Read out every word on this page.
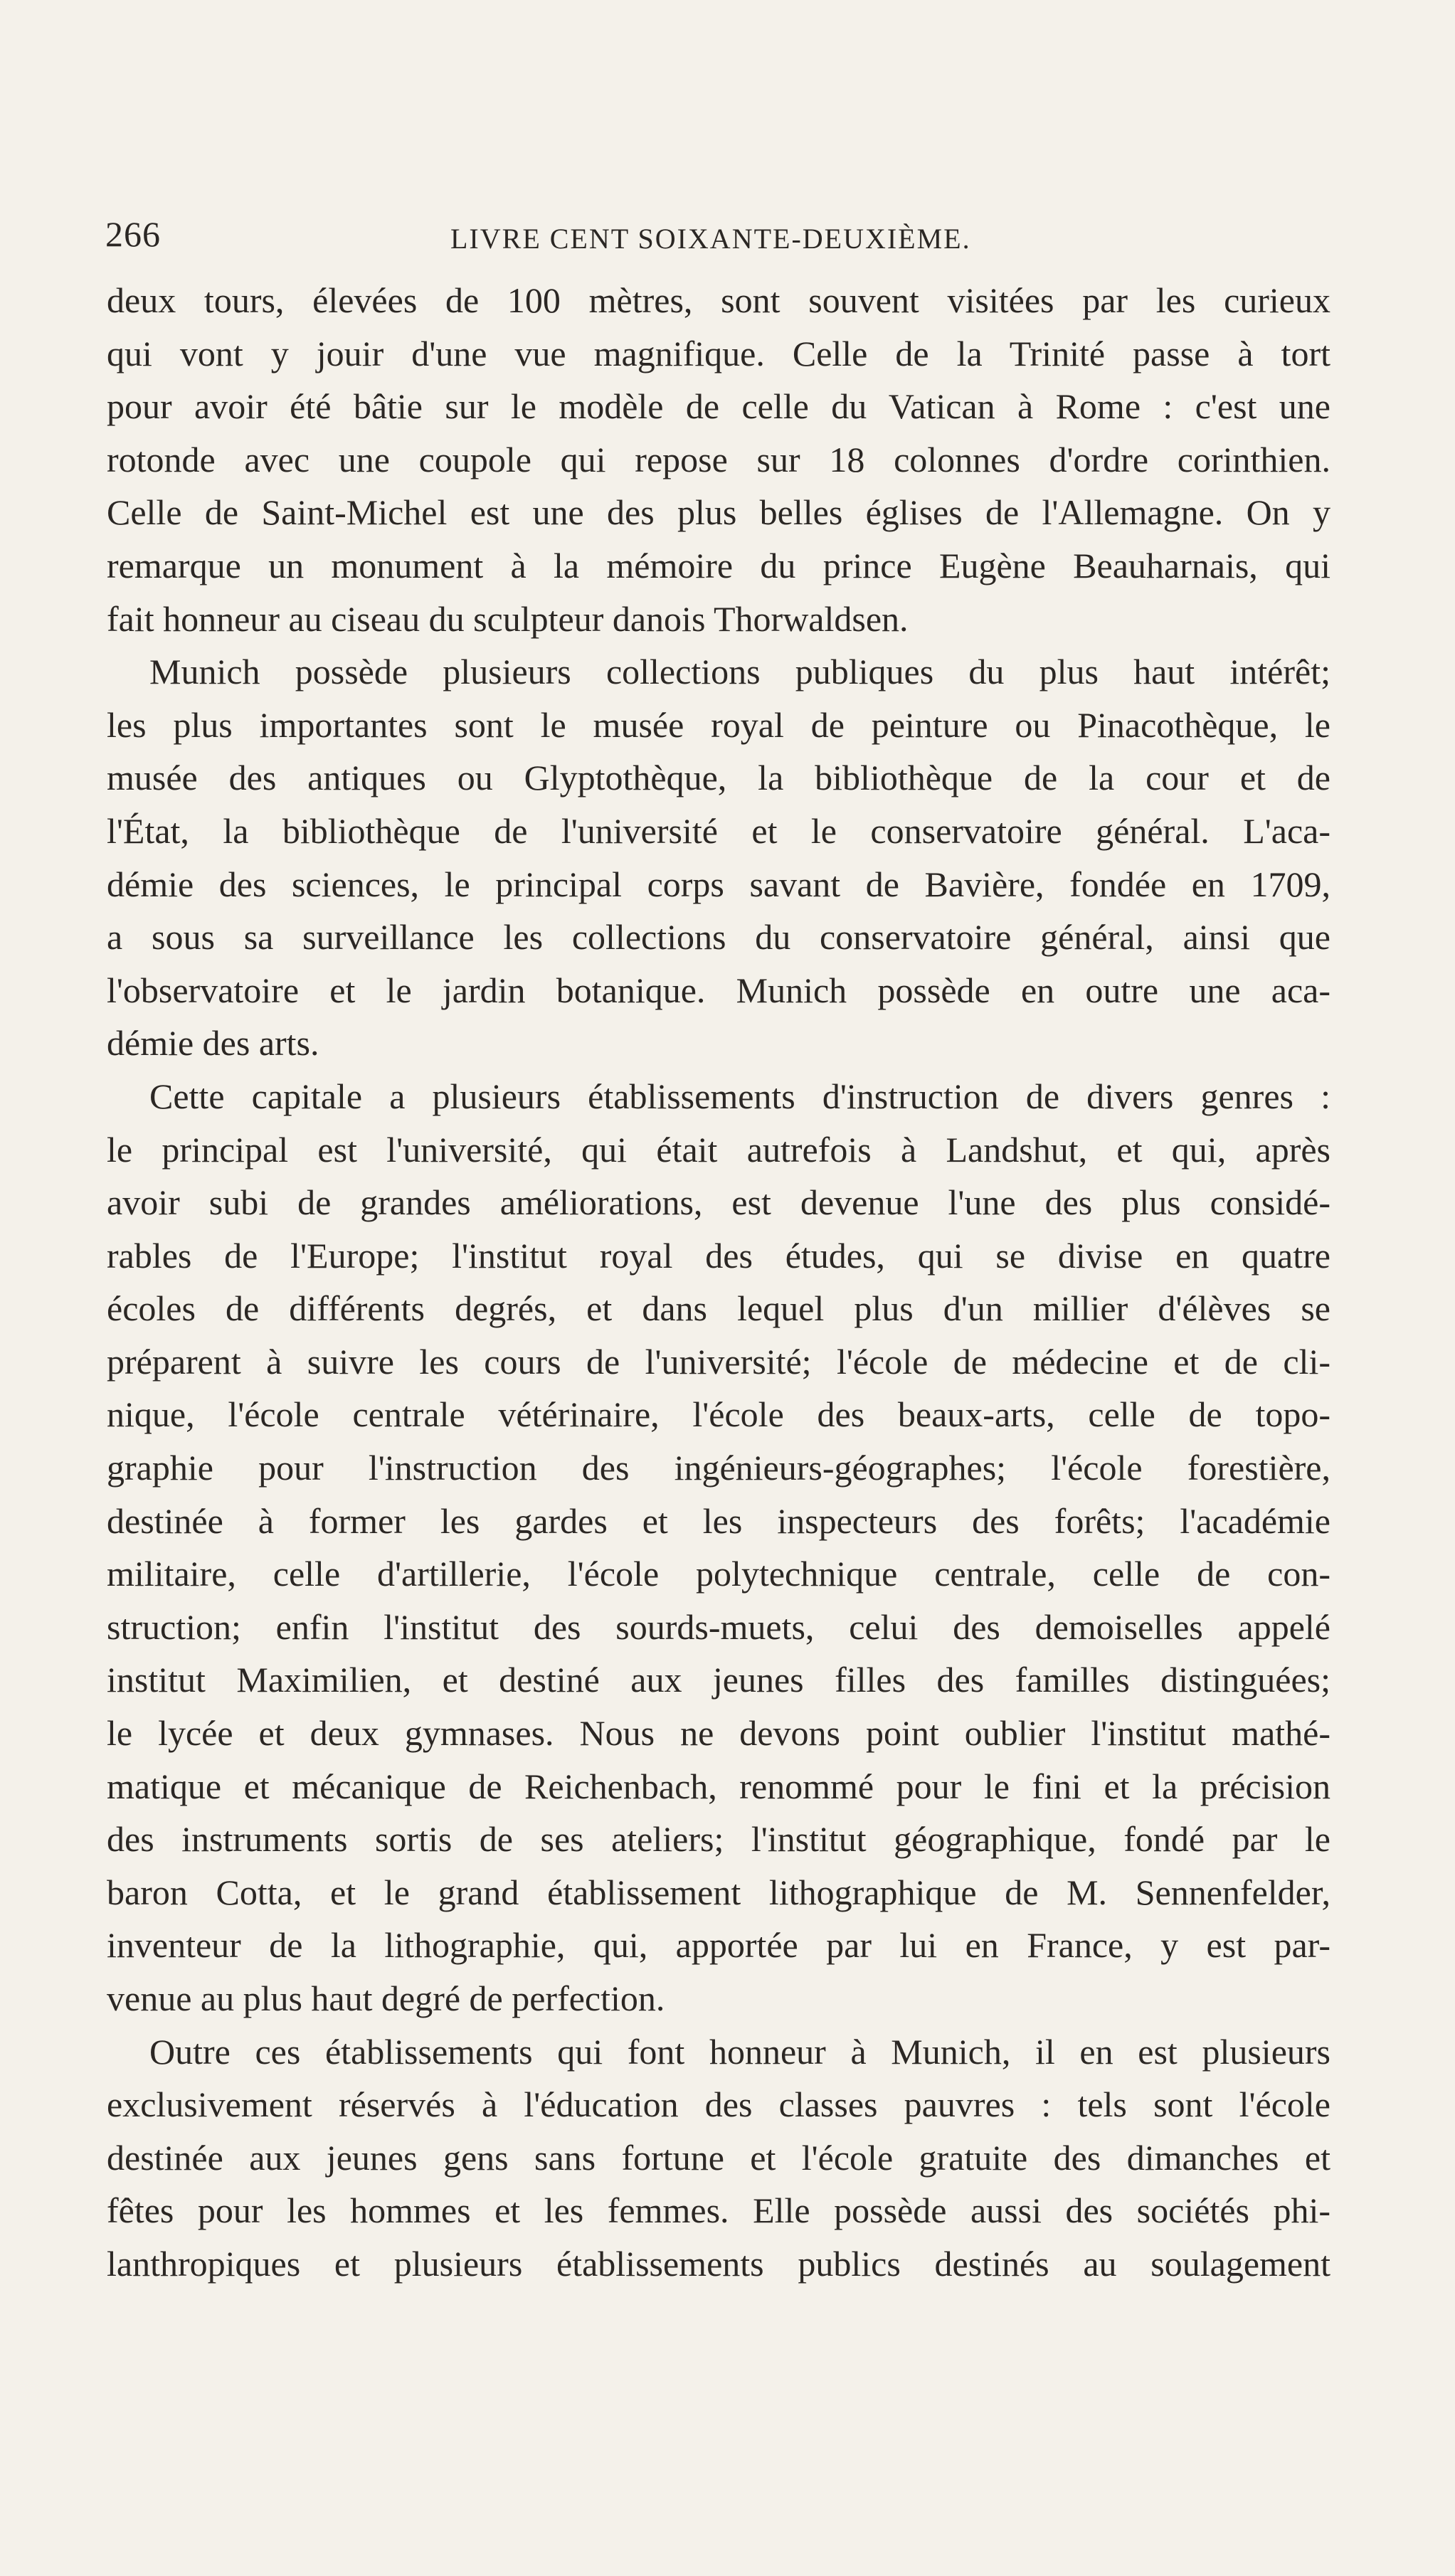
266	LIVRE CENT SOIXANTE-DEUXIÈME.
deux tours, élevées de 100 mètres, sont souvent visitées par les curieux
qui vont y jouir d'une vue magnifique. Celle de la Trinité passe à tort
pour avoir été bâtie sur le modèle de celle du Vatican à Rome : c'est une
rotonde avec une coupole qui repose sur 18 colonnes d'ordre corinthien.
Celle de Saint-Michel est une des plus belles églises de l'Allemagne. On y
remarque un monument à la mémoire du prince Eugène Beauharnais, qui
fait honneur au ciseau du sculpteur danois Thorwaldsen.
Munich possède plusieurs collections publiques du plus haut intérêt;
les plus importantes sont le musée royal de peinture ou Pinacothèque, le
musée des antiques ou Glyptothèque, la bibliothèque de la cour et de
l'État, la bibliothèque de l'université et le conservatoire général. L'aca-
démie des sciences, le principal corps savant de Bavière, fondée en 1709,
a sous sa surveillance les collections du conservatoire général, ainsi que
l'observatoire et le jardin botanique. Munich possède en outre une aca-
démie des arts.
Cette capitale a plusieurs établissements d'instruction de divers genres :
le principal est l'université, qui était autrefois à Landshut, et qui, après
avoir subi de grandes améliorations, est devenue l'une des plus considé-
rables de l'Europe; l'institut royal des études, qui se divise en quatre
écoles de différents degrés, et dans lequel plus d'un millier d'élèves se
préparent à suivre les cours de l'université; l'école de médecine et de cli-
nique, l'école centrale vétérinaire, l'école des beaux-arts, celle de topo-
graphie pour l'instruction des ingénieurs-géographes; l'école forestière,
destinée à former les gardes et les inspecteurs des forêts; l'académie
militaire, celle d'artillerie, l'école polytechnique centrale, celle de con-
struction; enfin l'institut des sourds-muets, celui des demoiselles appelé
institut Maximilien, et destiné aux jeunes filles des familles distinguées;
le lycée et deux gymnases. Nous ne devons point oublier l'institut mathé-
matique et mécanique de Reichenbach, renommé pour le fini et la précision
des instruments sortis de ses ateliers; l'institut géographique, fondé par le
baron Cotta, et le grand établissement lithographique de M. Sennenfelder,
inventeur de la lithographie, qui, apportée par lui en France, y est par-
venue au plus haut degré de perfection.
Outre ces établissements qui font honneur à Munich, il en est plusieurs
exclusivement réservés à l'éducation des classes pauvres : tels sont l'école
destinée aux jeunes gens sans fortune et l'école gratuite des dimanches et
fêtes pour les hommes et les femmes. Elle possède aussi des sociétés phi-
lanthropiques et plusieurs établissements publics destinés au soulagement
